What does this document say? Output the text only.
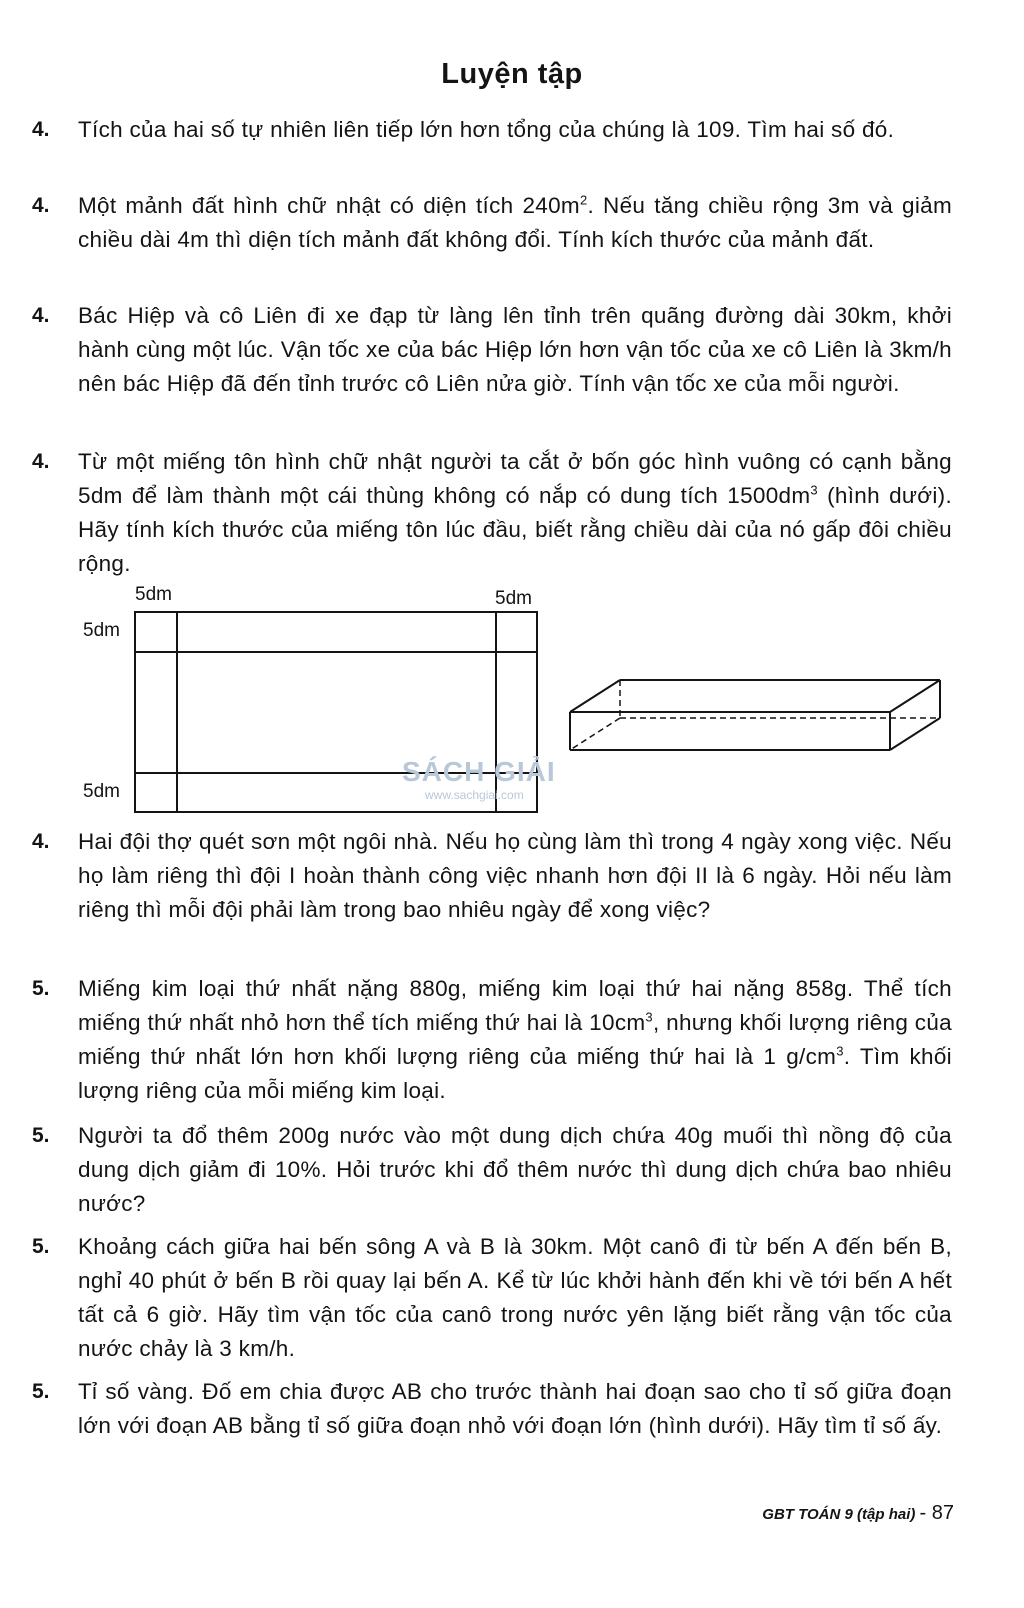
Luyện tập
4. Tích của hai số tự nhiên liên tiếp lớn hơn tổng của chúng là 109. Tìm hai số đó.
4. Một mảnh đất hình chữ nhật có diện tích $240m^2$. Nếu tăng chiều rộng 3m và giảm chiều dài 4m thì diện tích mảnh đất không đổi. Tính kích thước của mảnh đất.
4. Bác Hiệp và cô Liên đi xe đạp từ làng lên tỉnh trên quãng đường dài 30km, khởi hành cùng một lúc. Vận tốc xe của bác Hiệp lớn hơn vận tốc của xe cô Liên là 3km/h nên bác Hiệp đã đến tỉnh trước cô Liên nửa giờ. Tính vận tốc xe của mỗi người.
4. Từ một miếng tôn hình chữ nhật người ta cắt ở bốn góc hình vuông có cạnh bằng 5dm để làm thành một cái thùng không có nắp có dung tích $1500dm^3$ (hình dưới). Hãy tính kích thước của miếng tôn lúc đầu, biết rằng chiều dài của nó gấp đôi chiều rộng.
5dm	5dm
5dm
5dm
SÁCH GIẢI
www.sachgiai.com
4. Hai đội thợ quét sơn một ngôi nhà. Nếu họ cùng làm thì trong 4 ngày xong việc. Nếu họ làm riêng thì đội I hoàn thành công việc nhanh hơn đội II là 6 ngày. Hỏi nếu làm riêng thì mỗi đội phải làm trong bao nhiêu ngày để xong việc?
5. Miếng kim loại thứ nhất nặng 880g, miếng kim loại thứ hai nặng 858g. Thể tích miếng thứ nhất nhỏ hơn thể tích miếng thứ hai là $10cm^3$, nhưng khối lượng riêng của miếng thứ nhất lớn hơn khối lượng riêng của miếng thứ hai là 1 $g/cm^3$. Tìm khối lượng riêng của mỗi miếng kim loại.
5. Người ta đổ thêm 200g nước vào một dung dịch chứa 40g muối thì nồng độ của dung dịch giảm đi 10%. Hỏi trước khi đổ thêm nước thì dung dịch chứa bao nhiêu nước?
5. Khoảng cách giữa hai bến sông A và B là 30km. Một canô đi từ bến A đến bến B, nghỉ 40 phút ở bến B rồi quay lại bến A. Kể từ lúc khởi hành đến khi về tới bến A hết tất cả 6 giờ. Hãy tìm vận tốc của canô trong nước yên lặng biết rằng vận tốc của nước chảy là 3 km/h.
5. Tỉ số vàng. Đố em chia được AB cho trước thành hai đoạn sao cho tỉ số giữa đoạn lớn với đoạn AB bằng tỉ số giữa đoạn nhỏ với đoạn lớn (hình dưới). Hãy tìm tỉ số ấy.
GBT TOÁN 9 (tập hai) - 87
